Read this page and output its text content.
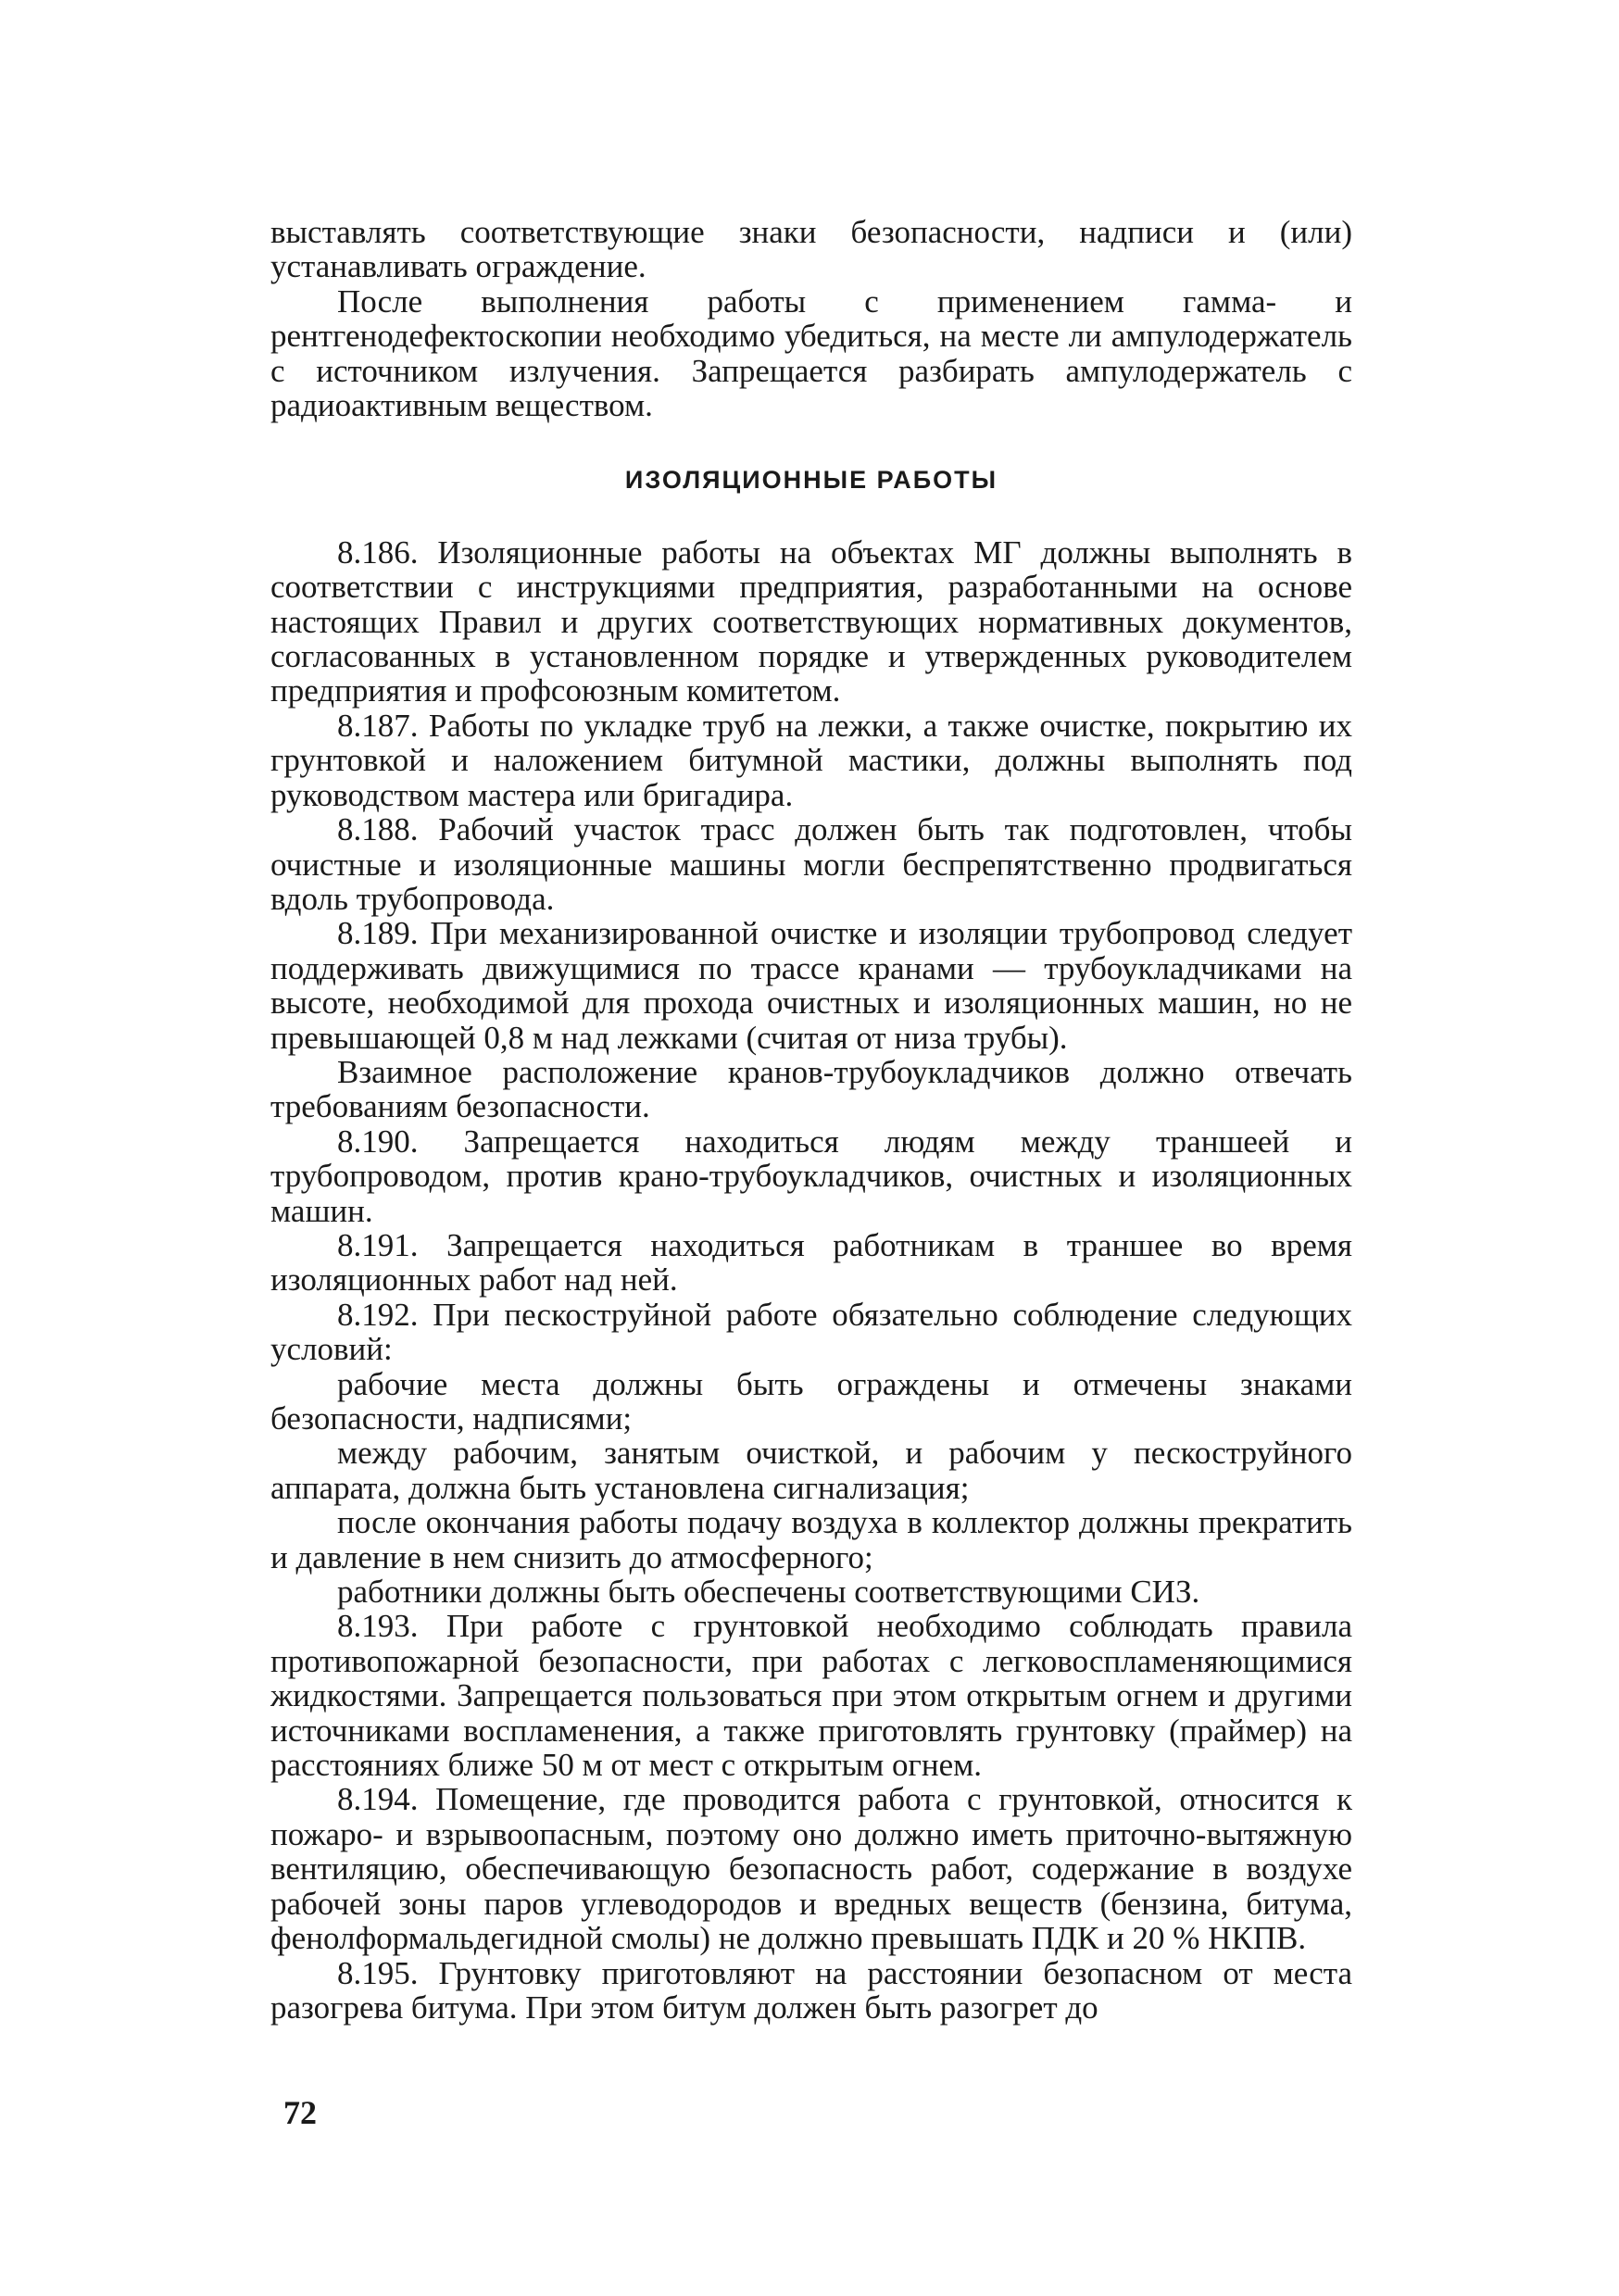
выставлять соответствующие знаки безопасности, надписи и (или) устанавливать ограждение.

После выполнения работы с применением гамма- и рентгенодефектоскопии необходимо убедиться, на месте ли ампулодержатель с источником излучения. Запрещается разбирать ампулодержатель с радиоактивным веществом.

ИЗОЛЯЦИОННЫЕ РАБОТЫ

8.186. Изоляционные работы на объектах МГ должны выполнять в соответствии с инструкциями предприятия, разработанными на основе настоящих Правил и других соответствующих нормативных документов, согласованных в установленном порядке и утвержденных руководителем предприятия и профсоюзным комитетом.

8.187. Работы по укладке труб на лежки, а также очистке, покрытию их грунтовкой и наложением битумной мастики, должны выполнять под руководством мастера или бригадира.

8.188. Рабочий участок трасс должен быть так подготовлен, чтобы очистные и изоляционные машины могли беспрепятственно продвигаться вдоль трубопровода.

8.189. При механизированной очистке и изоляции трубопровод следует поддерживать движущимися по трассе кранами — трубоукладчиками на высоте, необходимой для прохода очистных и изоляционных машин, но не превышающей 0,8 м над лежками (считая от низа трубы).

Взаимное расположение кранов-трубоукладчиков должно отвечать требованиям безопасности.

8.190. Запрещается находиться людям между траншеей и трубопроводом, против крано-трубоукладчиков, очистных и изоляционных машин.

8.191. Запрещается находиться работникам в траншее во время изоляционных работ над ней.

8.192. При пескоструйной работе обязательно соблюдение следующих условий:

рабочие места должны быть ограждены и отмечены знаками безопасности, надписями;

между рабочим, занятым очисткой, и рабочим у пескоструйного аппарата, должна быть установлена сигнализация;

после окончания работы подачу воздуха в коллектор должны прекратить и давление в нем снизить до атмосферного;

работники должны быть обеспечены соответствующими СИЗ.

8.193. При работе с грунтовкой необходимо соблюдать правила противопожарной безопасности, при работах с легковоспламеняющимися жидкостями. Запрещается пользоваться при этом открытым огнем и другими источниками воспламенения, а также приготовлять грунтовку (праймер) на расстояниях ближе 50 м от мест с открытым огнем.

8.194. Помещение, где проводится работа с грунтовкой, относится к пожаро- и взрывоопасным, поэтому оно должно иметь приточно-вытяжную вентиляцию, обеспечивающую безопасность работ, содержание в воздухе рабочей зоны паров углеводородов и вредных веществ (бензина, битума, фенолформальдегидной смолы) не должно превышать ПДК и 20 % НКПВ.

8.195. Грунтовку приготовляют на расстоянии безопасном от места разогрева битума. При этом битум должен быть разогрет до

72
